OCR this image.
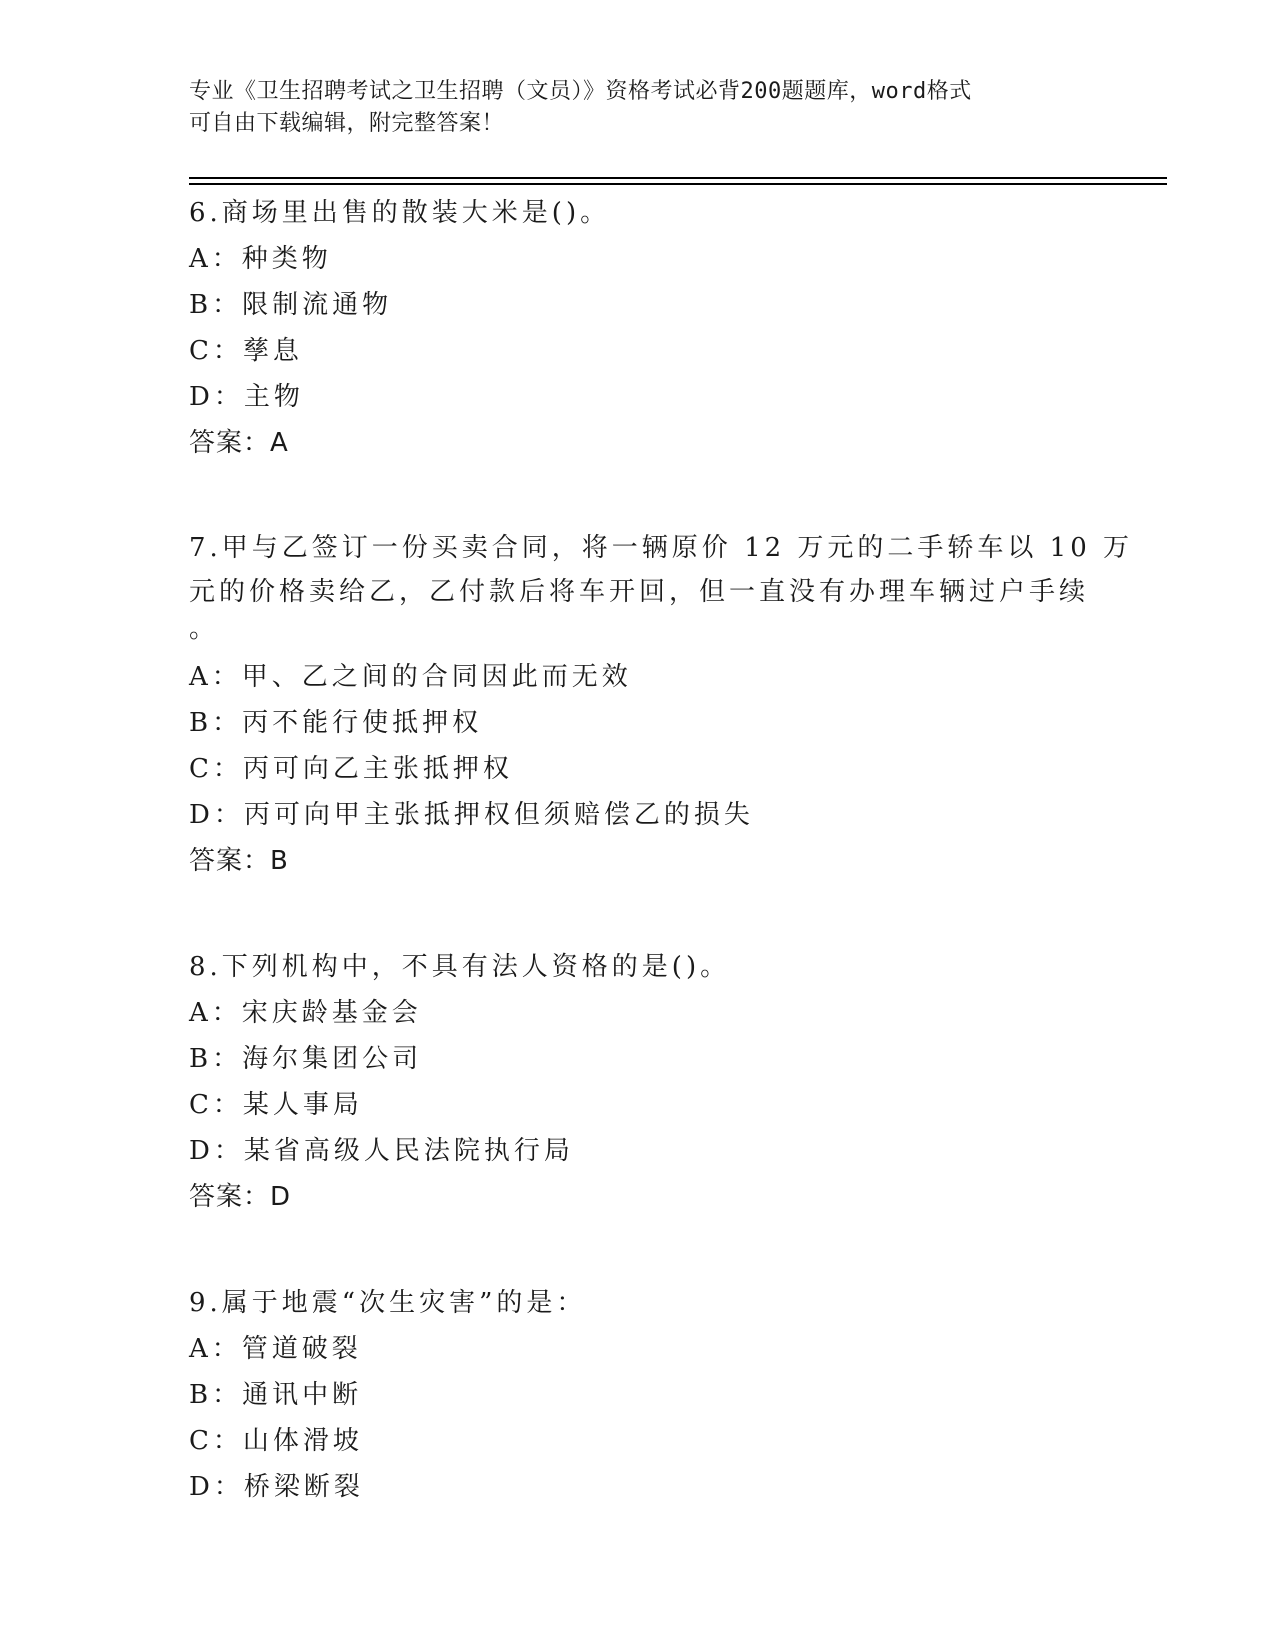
专业《卫生招聘考试之卫生招聘（文员）》资格考试必背200题题库，word格式
可自由下载编辑，附完整答案！
6.商场里出售的散装大米是()。
A：种类物
B：限制流通物
C：孳息
D：主物
答案：A
7.甲与乙签订一份买卖合同，将一辆原价 12 万元的二手轿车以 10 万
元的价格卖给乙，乙付款后将车开回，但一直没有办理车辆过户手续
。
A：甲、乙之间的合同因此而无效
B：丙不能行使抵押权
C：丙可向乙主张抵押权
D：丙可向甲主张抵押权但须赔偿乙的损失
答案：B
8.下列机构中，不具有法人资格的是()。
A：宋庆龄基金会
B：海尔集团公司
C：某人事局
D：某省高级人民法院执行局
答案：D
9.属于地震“次生灾害”的是：
A：管道破裂
B：通讯中断
C：山体滑坡
D：桥梁断裂
